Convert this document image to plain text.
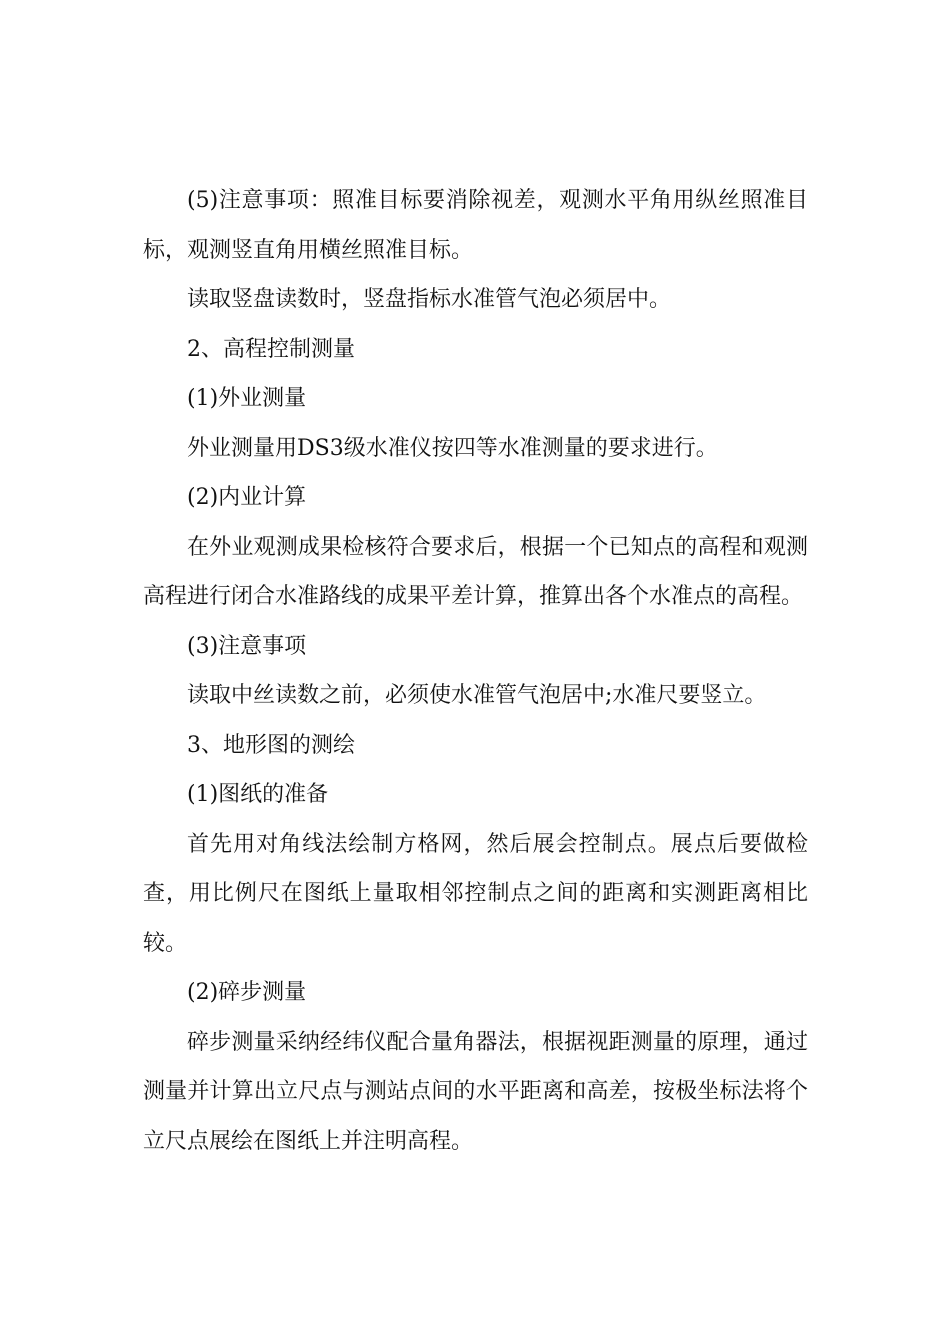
(5)注意事项：照准目标要消除视差，观测水平角用纵丝照准目标，观测竖直角用横丝照准目标。

读取竖盘读数时，竖盘指标水准管气泡必须居中。

2、高程控制测量

(1)外业测量

外业测量用DS3级水准仪按四等水准测量的要求进行。

(2)内业计算

在外业观测成果检核符合要求后，根据一个已知点的高程和观测高程进行闭合水准路线的成果平差计算，推算出各个水准点的高程。

(3)注意事项

读取中丝读数之前，必须使水准管气泡居中;水准尺要竖立。

3、地形图的测绘

(1)图纸的准备

首先用对角线法绘制方格网，然后展会控制点。展点后要做检查，用比例尺在图纸上量取相邻控制点之间的距离和实测距离相比较。

(2)碎步测量

碎步测量采纳经纬仪配合量角器法，根据视距测量的原理，通过测量并计算出立尺点与测站点间的水平距离和高差，按极坐标法将个立尺点展绘在图纸上并注明高程。
